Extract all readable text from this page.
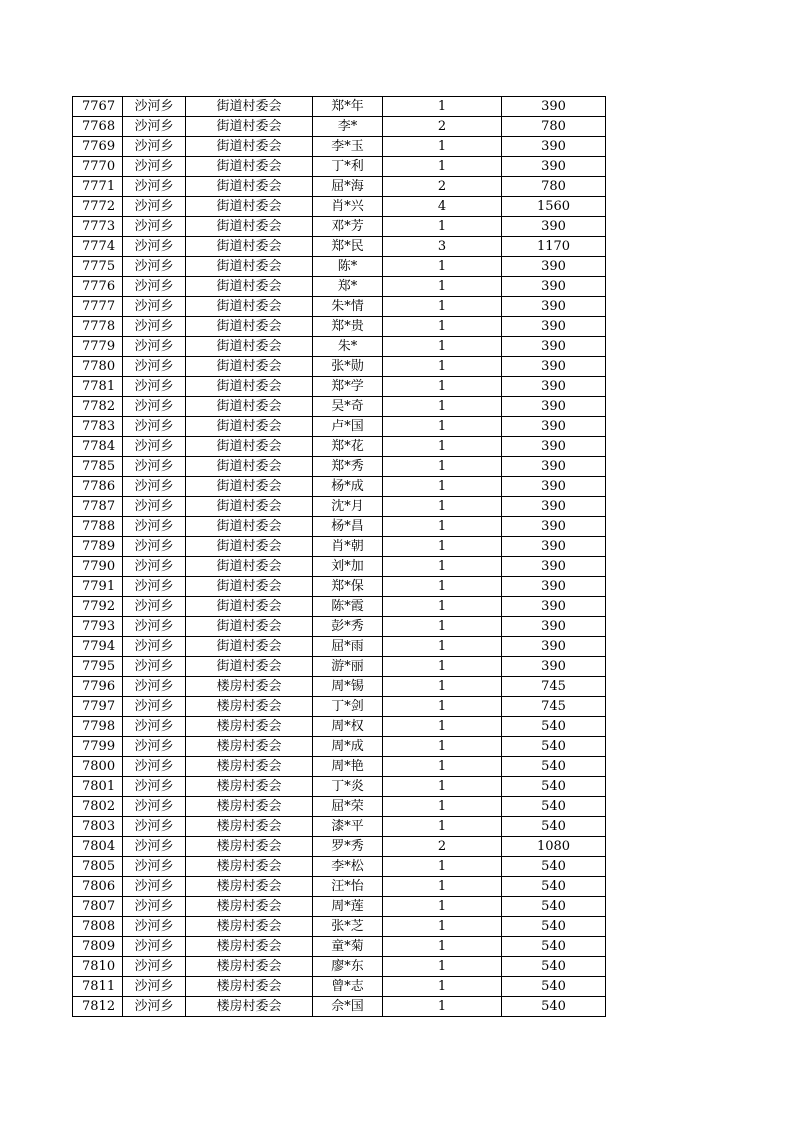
7767	沙河乡	街道村委会	郑*年	1	390
7768	沙河乡	街道村委会	李*	2	780
7769	沙河乡	街道村委会	李*玉	1	390
7770	沙河乡	街道村委会	丁*利	1	390
7771	沙河乡	街道村委会	屈*海	2	780
7772	沙河乡	街道村委会	肖*兴	4	1560
7773	沙河乡	街道村委会	邓*芳	1	390
7774	沙河乡	街道村委会	郑*民	3	1170
7775	沙河乡	街道村委会	陈*	1	390
7776	沙河乡	街道村委会	郑*	1	390
7777	沙河乡	街道村委会	朱*情	1	390
7778	沙河乡	街道村委会	郑*贵	1	390
7779	沙河乡	街道村委会	朱*	1	390
7780	沙河乡	街道村委会	张*勋	1	390
7781	沙河乡	街道村委会	郑*学	1	390
7782	沙河乡	街道村委会	吴*奇	1	390
7783	沙河乡	街道村委会	卢*国	1	390
7784	沙河乡	街道村委会	郑*花	1	390
7785	沙河乡	街道村委会	郑*秀	1	390
7786	沙河乡	街道村委会	杨*成	1	390
7787	沙河乡	街道村委会	沈*月	1	390
7788	沙河乡	街道村委会	杨*昌	1	390
7789	沙河乡	街道村委会	肖*朝	1	390
7790	沙河乡	街道村委会	刘*加	1	390
7791	沙河乡	街道村委会	郑*保	1	390
7792	沙河乡	街道村委会	陈*霞	1	390
7793	沙河乡	街道村委会	彭*秀	1	390
7794	沙河乡	街道村委会	屈*雨	1	390
7795	沙河乡	街道村委会	游*丽	1	390
7796	沙河乡	楼房村委会	周*锡	1	745
7797	沙河乡	楼房村委会	丁*剑	1	745
7798	沙河乡	楼房村委会	周*权	1	540
7799	沙河乡	楼房村委会	周*成	1	540
7800	沙河乡	楼房村委会	周*艳	1	540
7801	沙河乡	楼房村委会	丁*炎	1	540
7802	沙河乡	楼房村委会	屈*荣	1	540
7803	沙河乡	楼房村委会	漆*平	1	540
7804	沙河乡	楼房村委会	罗*秀	2	1080
7805	沙河乡	楼房村委会	李*松	1	540
7806	沙河乡	楼房村委会	汪*怡	1	540
7807	沙河乡	楼房村委会	周*莲	1	540
7808	沙河乡	楼房村委会	张*芝	1	540
7809	沙河乡	楼房村委会	童*菊	1	540
7810	沙河乡	楼房村委会	廖*东	1	540
7811	沙河乡	楼房村委会	曾*志	1	540
7812	沙河乡	楼房村委会	佘*国	1	540
